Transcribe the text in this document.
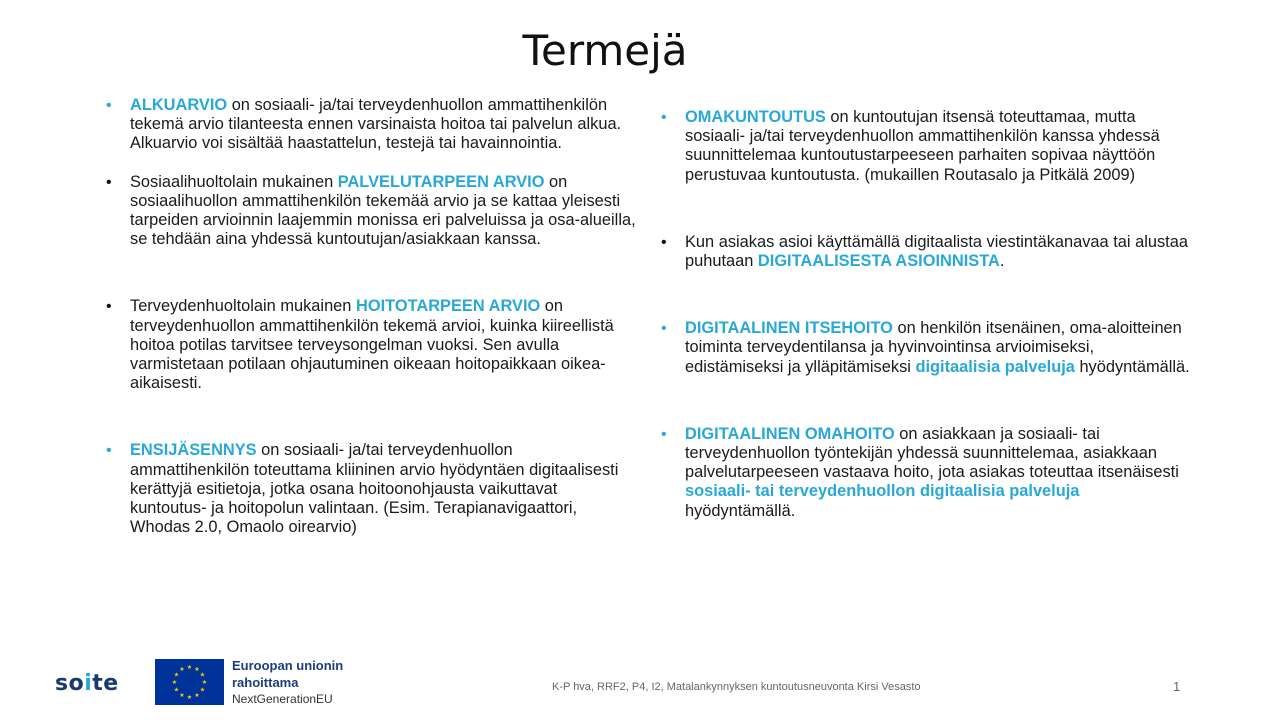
Termejä
•	ALKUARVIO on sosiaali- ja/tai terveydenhuollon ammattihenkilön tekemä arvio tilanteesta ennen varsinaista hoitoa tai palvelun alkua. Alkuarvio voi sisältää haastattelun, testejä tai havainnointia.
•	Sosiaalihuoltolain mukainen PALVELUTARPEEN ARVIO on sosiaalihuollon ammattihenkilön tekemää arvio ja se kattaa yleisesti tarpeiden arvioinnin laajemmin monissa eri palveluissa ja osa-alueilla, se tehdään aina yhdessä kuntoutujan/asiakkaan kanssa.
•	Terveydenhuoltolain mukainen HOITOTARPEEN ARVIO on terveydenhuollon ammattihenkilön tekemä arvioi, kuinka kiireellistä hoitoa potilas tarvitsee terveysongelman vuoksi. Sen avulla varmistetaan potilaan ohjautuminen oikeaan hoitopaikkaan oikea-aikaisesti.
•	ENSIJÄSENNYS on sosiaali- ja/tai terveydenhuollon ammattihenkilön toteuttama kliininen arvio hyödyntäen digitaalisesti kerättyjä esitietoja, jotka osana hoitoonohjausta vaikuttavat kuntoutus- ja hoitopolun valintaan. (Esim. Terapianavigaattori, Whodas 2.0, Omaolo oirearvio)
•	OMAKUNTOUTUS on kuntoutujan itsensä toteuttamaa, mutta sosiaali- ja/tai terveydenhuollon ammattihenkilön kanssa yhdessä suunnittelemaa kuntoutustarpeeseen parhaiten sopivaa näyttöön perustuvaa kuntoutusta. (mukaillen Routasalo ja Pitkälä 2009)
•	Kun asiakas asioi käyttämällä digitaalista viestintäkanavaa tai alustaa puhutaan DIGITAALISESTA ASIOINNISTA.
•	DIGITAALINEN ITSEHOITO on henkilön itsenäinen, oma-aloitteinen toiminta terveydentilansa ja hyvinvointinsa arvioimiseksi, edistämiseksi ja ylläpitämiseksi digitaalisia palveluja hyödyntämällä.
•	DIGITAALINEN OMAHOITO on asiakkaan ja sosiaali- tai terveydenhuollon työntekijän yhdessä suunnittelemaa, asiakkaan palvelutarpeeseen vastaava hoito, jota asiakas toteuttaa itsenäisesti sosiaali- tai terveydenhuollon digitaalisia palveluja hyödyntämällä.
soite
★ ★
★
★
★
★
★
★
★
★
★
★	Euroopan unionin
rahoittama
NextGenerationEU
K-P hva, RRF2, P4, I2, Matalankynnyksen kuntoutusneuvonta Kirsi Vesasto	1
